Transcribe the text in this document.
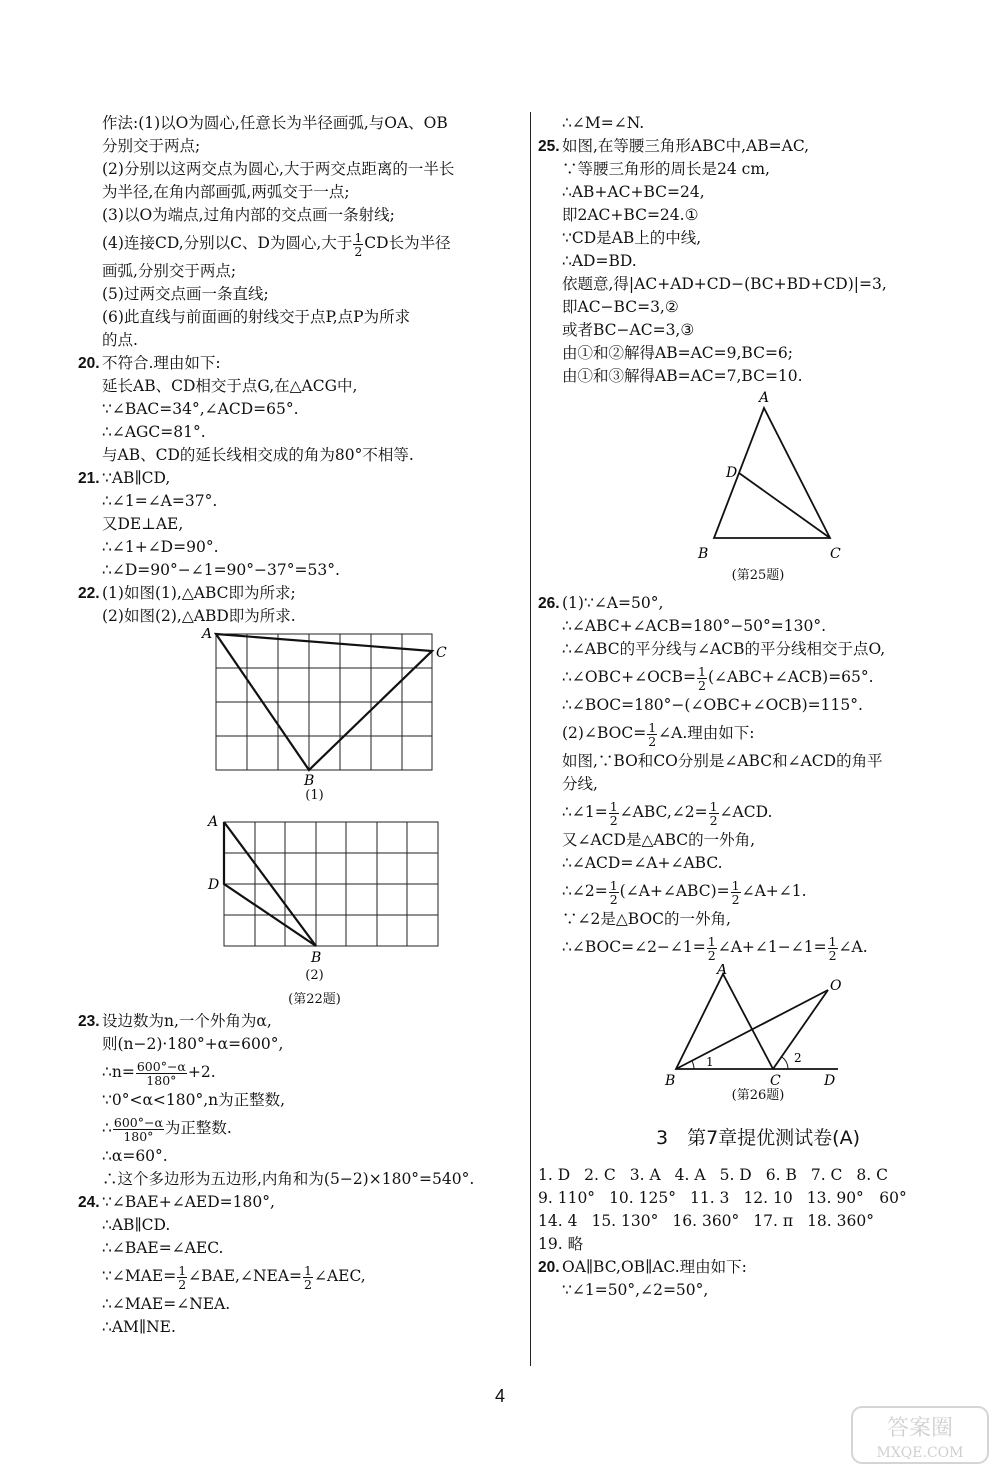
作法:(1)以O为圆心,任意长为半径画弧,与OA、OB
分别交于两点;
(2)分别以这两交点为圆心,大于两交点距离的一半长
为半径,在角内部画弧,两弧交于一点;
(3)以O为端点,过角内部的交点画一条射线;
(4)连接CD,分别以C、D为圆心,大于 $\frac{1}{2}$ CD长为半径
画弧,分别交于两点;
(5)过两交点画一条直线;
(6)此直线与前面画的射线交于点P,点P为所求
的点.
20. 不符合.理由如下:
延长AB、CD相交于点G,在△ACG中,
∵∠BAC=34°,∠ACD=65°.
∴∠AGC=81°.
与AB、CD的延长线相交成的角为80°不相等.
21. ∵AB∥CD,
∴∠1=∠A=37°.
又DE⊥AE,
∴∠1+∠D=90°.
∴∠D=90°−∠1=90°−37°=53°.
22. (1)如图(1),△ABC即为所求;
(2)如图(2),△ABD即为所求.
A
C
B
(1)
A
D
B
(2)
(第22题)
23. 设边数为n,一个外角为α,
则(n−2)·180°+α=600°,
∴n= $\frac{600^\circ-\alpha}{180^\circ} +2$.
∵0°<α<180°,n为正整数,
∴ $\frac{600^\circ-\alpha}{180^\circ}$ 为正整数.
∴α=60°.
∴这个多边形为五边形,内角和为(5−2)×180°=540°.
24. ∵∠BAE+∠AED=180°,
∴AB∥CD.
∴∠BAE=∠AEC.
∵∠MAE= $\frac{1}{2}$ ∠BAE,∠NEA= $\frac{1}{2}$ ∠AEC,
∴∠MAE=∠NEA.
∴AM∥NE.
∴∠M=∠N.
25. 如图,在等腰三角形ABC中,AB=AC,
∵等腰三角形的周长是24 cm,
∴AB+AC+BC=24,
即2AC+BC=24.①
∵CD是AB上的中线,
∴AD=BD.
依题意,得|AC+AD+CD−(BC+BD+CD)|=3,
即AC−BC=3,②
或者BC−AC=3,③
由①和②解得AB=AC=9,BC=6;
由①和③解得AB=AC=7,BC=10.
A
D
B	C
(第25题)
26. (1)∵∠A=50°,
∴∠ABC+∠ACB=180°−50°=130°.
∴∠ABC的平分线与∠ACB的平分线相交于点O,
∴∠OBC+∠OCB= $\frac{1}{2}$ (∠ABC+∠ACB)=65°.
∴∠BOC=180°−(∠OBC+∠OCB)=115°.
(2)∠BOC= $\frac{1}{2}$ ∠A.理由如下:
如图,∵BO和CO分别是∠ABC和∠ACD的角平
分线,
∴∠1= $\frac{1}{2}$ ∠ABC,∠2= $\frac{1}{2}$ ∠ACD.
又∠ACD是△ABC的一外角,
∴∠ACD=∠A+∠ABC.
∴∠2= $\frac{1}{2}$ (∠A+∠ABC)= $\frac{1}{2}$ ∠A+∠1.
∵∠2是△BOC的一外角,
∴∠BOC=∠2−∠1= $\frac{1}{2}$ ∠A+∠1−∠1= $\frac{1}{2}$ ∠A.
A
O
B	C	D
1	2
(第26题)
3　第7章提优测试卷(A)
1. D 2. C 3. A 4. A 5. D 6. B 7. C 8. C
9. 110° 10. 125° 11. 3 12. 10 13. 90°　60°
14. 4 15. 130° 16. 360° 17. π 18. 360°
19. 略
20. OA∥BC,OB∥AC.理由如下:
∵∠1=50°,∠2=50°,
4
答案圈
MXQE.COM
